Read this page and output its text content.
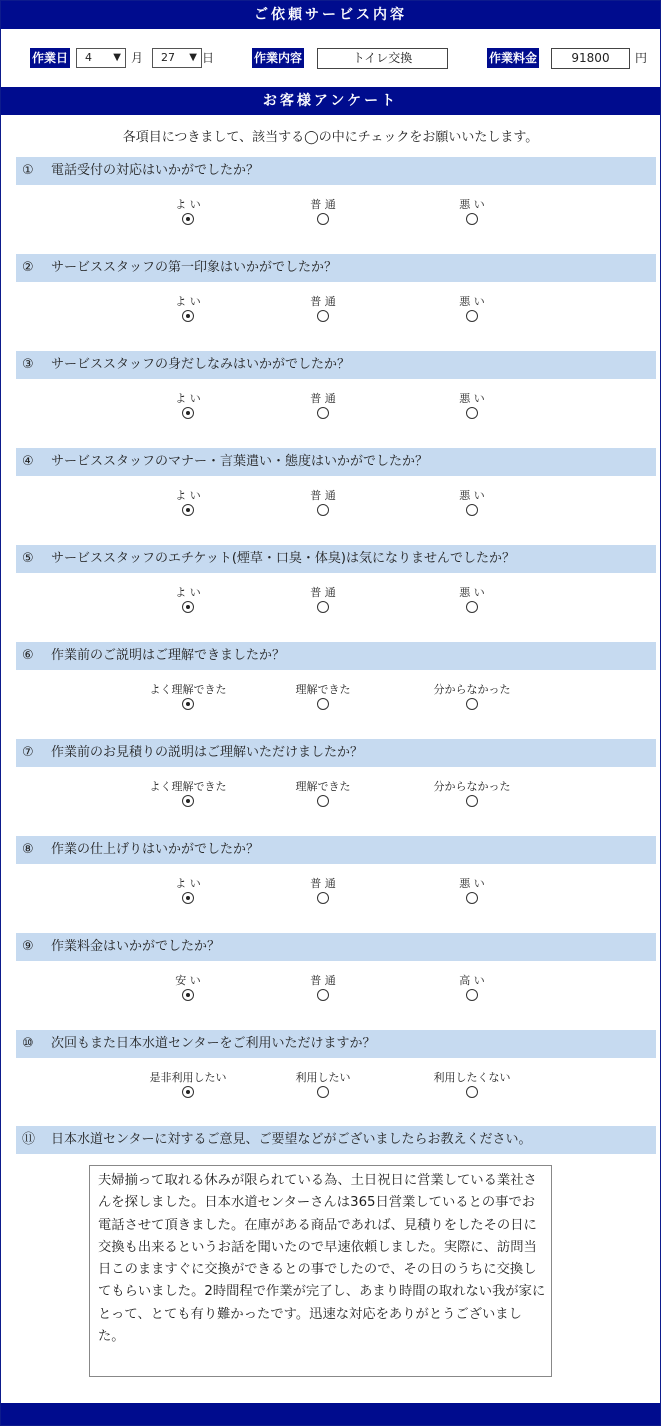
ご依頼サービス内容
作業日 4 ▼ 月 27 ▼ 日	作業内容	トイレ交換	作業料金	91800	円
お客様アンケート
各項目につきまして、該当する◯の中にチェックをお願いいたします。
① 電話受付の対応はいかがでしたか？
よ い	普 通	悪 い
② サービススタッフの第一印象はいかがでしたか？
よ い	普 通	悪 い
③ サービススタッフの身だしなみはいかがでしたか？
よ い	普 通	悪 い
④ サービススタッフのマナー・言葉遣い・態度はいかがでしたか？
よ い	普 通	悪 い
⑤ サービススタッフのエチケット(煙草・口臭・体臭)は気になりませんでしたか？
よ い	普 通	悪 い
⑥ 作業前のご説明はご理解できましたか？
よく理解できた	理解できた	分からなかった
⑦ 作業前のお見積りの説明はご理解いただけましたか？
よく理解できた	理解できた	分からなかった
⑧ 作業の仕上げりはいかがでしたか？
よ い	普 通	悪 い
⑨ 作業料金はいかがでしたか？
安 い	普 通	高 い
⑩ 次回もまた日本水道センターをご利用いただけますか？
是非利用したい	利用したい	利用したくない
⑪ 日本水道センターに対するご意見、ご要望などがございましたらお教えください。
夫婦揃って取れる休みが限られている為、土日祝日に営業している業社さんを探しました。日本水道センターさんは365日営業しているとの事でお電話させて頂きました。在庫がある商品であれば、見積りをしたその日に交換も出来るというお話を聞いたので早速依頼しました。実際に、訪問当日このまますぐに交換ができるとの事でしたので、その日のうちに交換してもらいました。2時間程で作業が完了し、あまり時間の取れない我が家にとって、とても有り難かったです。迅速な対応をありがとうございました。
